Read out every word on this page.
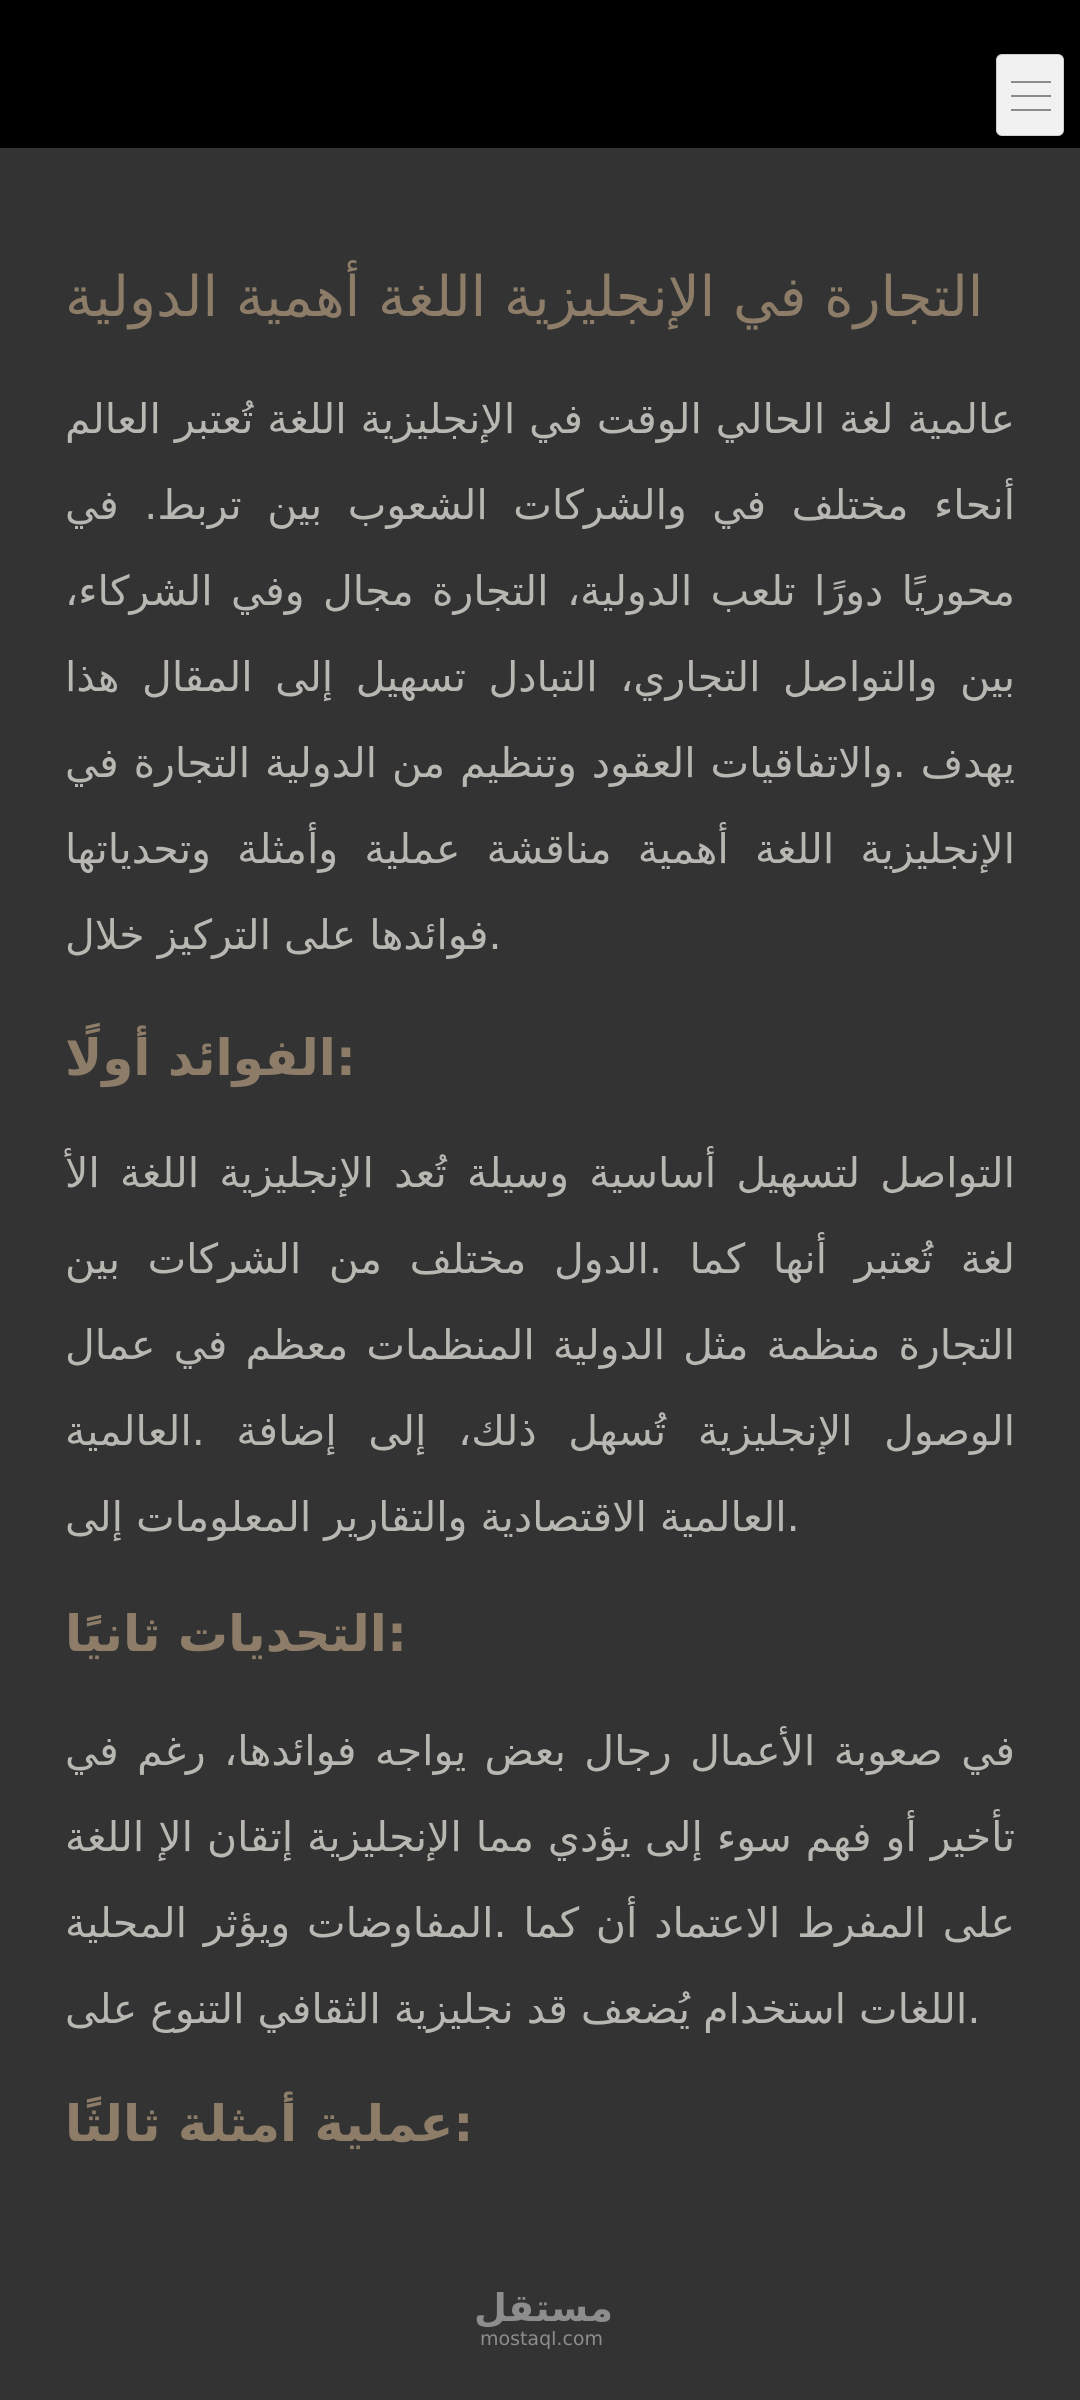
التجارة في الإنجليزية اللغة أهمية الدولية

عالمية لغة الحالي الوقت في الإنجليزية اللغة تُعتبر العالم أنحاء مختلف في والشركات الشعوب بين تربط. في محوريًا دورًا تلعب الدولية، التجارة مجال وفي الشركاء، بين والتواصل التجاري، التبادل تسهيل إلى المقال هذا يهدف .والاتفاقيات العقود وتنظيم من الدولية التجارة في الإنجليزية اللغة أهمية مناقشة عملية وأمثلة وتحدياتها فوائدها على التركيز خلال.

الفوائد أولًا:

التواصل لتسهيل أساسية وسيلة تُعد الإنجليزية اللغة الأ لغة تُعتبر أنها كما .الدول مختلف من الشركات بين التجارة منظمة مثل الدولية المنظمات معظم في عمال الوصول الإنجليزية تُسهل ذلك، إلى إضافة .العالمية العالمية الاقتصادية والتقارير المعلومات إلى.

التحديات ثانيًا:

في صعوبة الأعمال رجال بعض يواجه فوائدها، رغم في تأخير أو فهم سوء إلى يؤدي مما الإنجليزية إتقان الإ اللغة على المفرط الاعتماد أن كما .المفاوضات ويؤثر المحلية اللغات استخدام يُضعف قد نجليزية الثقافي التنوع على.

عملية أمثلة ثالثًا:
مستقل
mostaql.com
